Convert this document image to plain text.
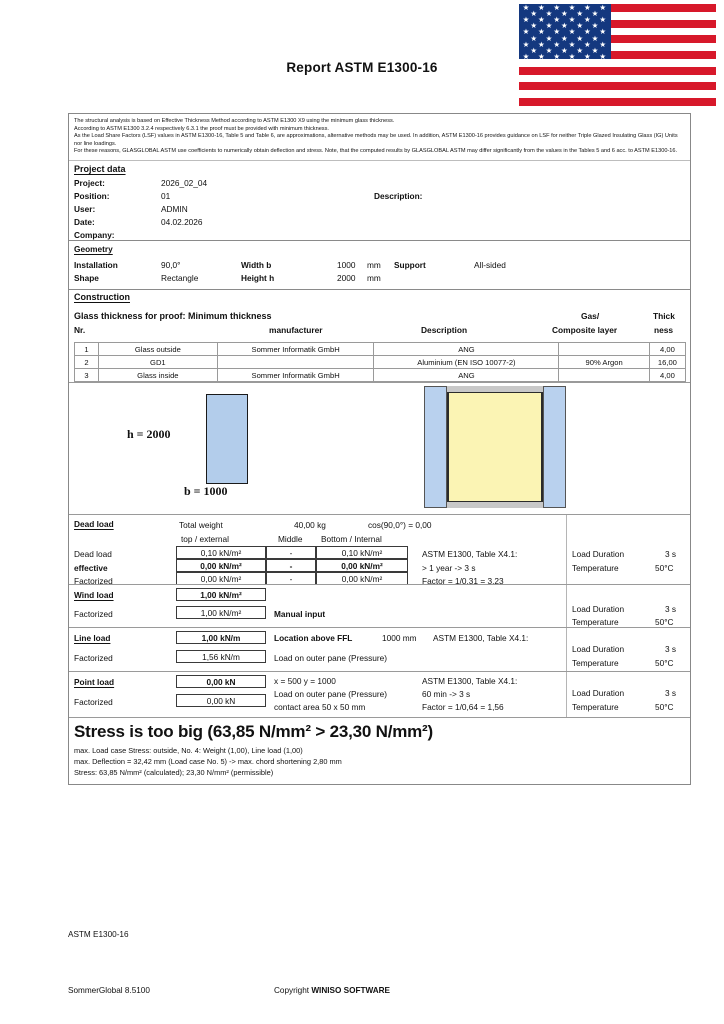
★ ★ ★ ★ ★ ★
★ ★ ★ ★ ★
★ ★ ★ ★ ★ ★
★ ★ ★ ★ ★
★ ★ ★ ★ ★ ★
★ ★ ★ ★ ★
★ ★ ★ ★ ★ ★
★ ★ ★ ★ ★
★ ★ ★ ★ ★ ★
Report ASTM E1300-16

The structural analysis is based on Effective Thickness Method according to ASTM E1300 X9 using the minimum glass thickness.

According to ASTM E1300 3.2.4 respectively 6.3.1 the proof must be provided with minimum thickness.

As the Load Share Factors (LSF) values in ASTM E1300-16, Table 5 and Table 6, are approximations, alternative methods may be used. In addition, ASTM E1300-16 provides guidance on LSF for neither Triple Glazed Insulating Glass (IG) Units nor line loadings.

For these reasons, GLASGLOBAL ASTM use coefficients to numerically obtain deflection and stress. Note, that the computed results by GLASGLOBAL ASTM may differ significantly from the values in the Tables 5 and 6 acc. to ASTM E1300-16.

Project data
Project:	2026_02_04
Position:	01	Description:
User:	ADMIN
Date:	04.02.2026
Company:
Geometry
Installation	90,0°	Width b	1000 mm Support	All-sided
Shape	Rectangle	Height h	2000 mm
Construction
Glass thickness for proof: Minimum thickness
Nr.	manufacturer	Description
Gas/
Composite layer
Thick
ness
1	Glass outside	Sommer Informatik GmbH	ANG		4,00
2	GD1		Aluminium (EN ISO 10077-2)	90% Argon	16,00
3	Glass inside	Sommer Informatik GmbH	ANG		4,00
h = 2000
b = 1000
Dead load	Total weight	40,00 kg	cos(90,0°) = 0,00
top / external	Middle Bottom / Internal
Dead load	0,10 kN/m²	-	0,10 kN/m²
effective	0,00 kN/m²	-	0,00 kN/m²
Factorized	0,00 kN/m²	-	0,00 kN/m²
ASTM E1300, Table X4.1:
> 1 year -> 3 s
Factor = 1/0,31 = 3,23
Load Duration	3 s
Temperature	50°C
Wind load	1,00 kN/m²
Factorized	1,00 kN/m²	Manual input	Load Duration	3 s
Temperature	50°C
Line load	1,00 kN/m	Location above FFL	1000 mm ASTM E1300, Table X4.1:
Factorized	1,56 kN/m	Load on outer pane (Pressure)
Load Duration	3 s
Temperature	50°C
Point load	0,00 kN	x = 500 y = 1000
Load on outer pane (Pressure)
contact area 50 x 50 mm
Factorized	0,00 kN
ASTM E1300, Table X4.1:
60 min -> 3 s
Factor = 1/0,64 = 1,56
Load Duration	3 s
Temperature	50°C
Stress is too big (63,85 N/mm² > 23,30 N/mm²)

max. Load case Stress: outside, No. 4: Weight (1,00), Line load (1,00)

max. Deflection = 32,42 mm (Load case No. 5) -> max. chord shortening 2,80 mm

Stress: 63,85 N/mm² (calculated); 23,30 N/mm² (permissible)

ASTM E1300-16
SommerGlobal 8.5100	Copyright WINISO SOFTWARE
